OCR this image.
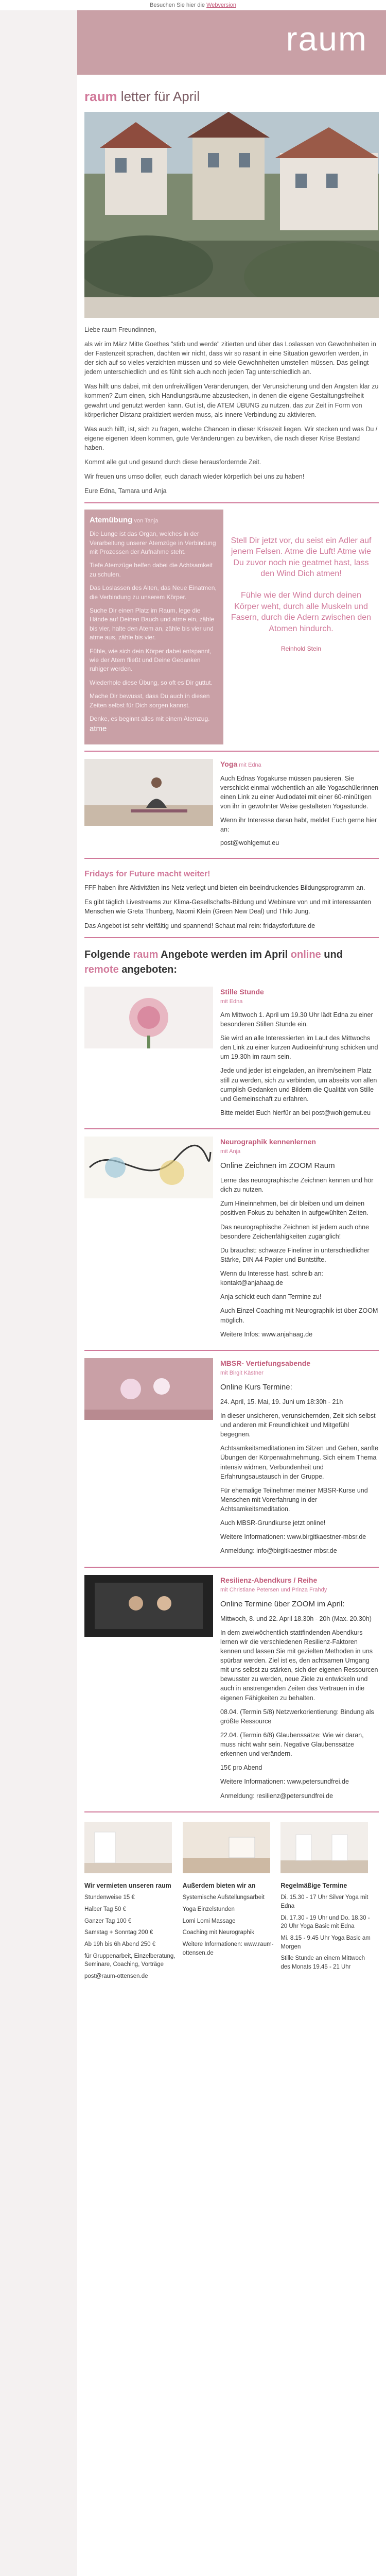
Besuchen Sie hier die Webversion
raum
raum letter für April

Liebe raum Freundinnen,

als wir im März Mitte Goethes "stirb und werde" zitierten und über das Loslassen von Gewohnheiten in der Fastenzeit sprachen, dachten wir nicht, dass wir so rasant in eine Situation geworfen werden, in der sich auf so vieles verzichten müssen und so viele Gewohnheiten umstellen müssen. Das gelingt jedem unterschiedlich und es fühlt sich auch noch jeden Tag unterschiedlich an.

Was hilft uns dabei, mit den unfreiwilligen Veränderungen, der Verunsicherung und den Ängsten klar zu kommen? Zum einen, sich Handlungsräume abzustecken, in denen die eigene Gestaltungsfreiheit gewahrt und genutzt werden kann. Gut ist, die ATEM ÜBUNG zu nutzen, das zur Zeit in Form von körperlicher Distanz praktiziert werden muss, als innere Verbindung zu aktivieren.

Was auch hilft, ist, sich zu fragen, welche Chancen in dieser Krisezeit liegen. Wir stecken und was Du / eigene eigenen Ideen kommen, gute Veränderungen zu bewirken, die nach dieser Krise Bestand haben.

Kommt alle gut und gesund durch diese herausfordernde Zeit.

Wir freuen uns umso doller, euch danach wieder körperlich bei uns zu haben!

Eure Edna, Tamara und Anja

Atemübung von Tanja

Die Lunge ist das Organ, welches in der Verarbeitung unserer Atemzüge in Verbindung mit Prozessen der Aufnahme steht.

Tiefe Atemzüge helfen dabei die Achtsamkeit zu schulen.

Das Loslassen des Alten, das Neue Einatmen, die Verbindung zu unserem Körper.

Suche Dir einen Platz im Raum, lege die Hände auf Deinen Bauch und atme ein, zähle bis vier, halte den Atem an, zähle bis vier und atme aus, zähle bis vier.

Fühle, wie sich dein Körper dabei entspannt, wie der Atem fließt und Deine Gedanken ruhiger werden.

Wiederhole diese Übung, so oft es Dir guttut.

Mache Dir bewusst, dass Du auch in diesen Zeiten selbst für Dich sorgen kannst.

Denke, es beginnt alles mit einem Atemzug. atme

Stell Dir jetzt vor, du seist ein Adler auf jenem Felsen. Atme die Luft! Atme wie Du zuvor noch nie geatmet hast, lass den Wind Dich atmen!

Fühle wie der Wind durch deinen Körper weht, durch alle Muskeln und Fasern, durch die Adern zwischen den Atomen hindurch.

Reinhold Stein

Yoga mit Edna

Auch Ednas Yogakurse müssen pausieren. Sie verschickt einmal wöchentlich an alle Yogaschülerinnen einen Link zu einer Audiodatei mit einer 60-minütigen von ihr in gewohnter Weise gestalteten Yogastunde.

Wenn ihr Interesse daran habt, meldet Euch gerne hier an:

post@wohlgemut.eu

Fridays for Future macht weiter!

FFF haben ihre Aktivitäten ins Netz verlegt und bieten ein beeindruckendes Bildungsprogramm an.

Es gibt täglich Livestreams zur Klima-Gesellschafts-Bildung und Webinare von und mit interessanten Menschen wie Greta Thunberg, Naomi Klein (Green New Deal) und Thilo Jung.

Das Angebot ist sehr vielfältig und spannend! Schaut mal rein: fridaysforfuture.de

Folgende raum Angebote werden im April online und remote angeboten:
Stille Stunde
mit Edna

Am Mittwoch 1. April um 19.30 Uhr lädt Edna zu einer besonderen Stillen Stunde ein.

Sie wird an alle Interessierten im Laut des Mittwochs den Link zu einer kurzen Audioeinführung schicken und um 19.30h im raum sein.

Jede und jeder ist eingeladen, an ihrem/seinem Platz still zu werden, sich zu verbinden, um abseits von allen cumplish Gedanken und Bildern die Qualität von Stille und Gemeinschaft zu erfahren.

Bitte meldet Euch hierfür an bei post@wohlgemut.eu

Neurographik kennenlernen
mit Anja
Online Zeichnen im ZOOM Raum

Lerne das neurographische Zeichnen kennen und hör dich zu nutzen.

Zum Hineinnehmen, bei dir bleiben und um deinen positiven Fokus zu behalten in aufgewühlten Zeiten.

Das neurographische Zeichnen ist jedem auch ohne besondere Zeichenfähigkeiten zugänglich!

Du brauchst: schwarze Fineliner in unterschiedlicher Stärke, DIN A4 Papier und Buntstifte.

Wenn du Interesse hast, schreib an: kontakt@anjahaag.de

Anja schickt euch dann Termine zu!

Auch Einzel Coaching mit Neurographik ist über ZOOM möglich.

Weitere Infos: www.anjahaag.de

MBSR- Vertiefungsabende
mit Birgit Kästner
Online Kurs Termine:

24. April, 15. Mai, 19. Juni um 18:30h - 21h

In dieser unsicheren, verunsichernden, Zeit sich selbst und anderen mit Freundlichkeit und Mitgefühl begegnen.

Achtsamkeitsmeditationen im Sitzen und Gehen, sanfte Übungen der Körperwahrnehmung. Sich einem Thema intensiv widmen, Verbundenheit und Erfahrungsaustausch in der Gruppe.

Für ehemalige Teilnehmer meiner MBSR-Kurse und Menschen mit Vorerfahrung in der Achtsamkeitsmeditation.

Auch MBSR-Grundkurse jetzt online!

Weitere Informationen: www.birgitkaestner-mbsr.de

Anmeldung: info@birgitkaestner-mbsr.de

Resilienz-Abendkurs / Reihe
mit Christiane Petersen und Prinza Frahdy
Online Termine über ZOOM im April:

Mittwoch, 8. und 22. April 18.30h - 20h (Max. 20.30h)

In dem zweiwöchentlich stattfindenden Abendkurs lernen wir die verschiedenen Resilienz-Faktoren kennen und lassen Sie mit gezielten Methoden in uns spürbar werden. Ziel ist es, den achtsamen Umgang mit uns selbst zu stärken, sich der eigenen Ressourcen bewusster zu werden, neue Ziele zu entwickeln und auch in anstrengenden Zeiten das Vertrauen in die eigenen Fähigkeiten zu behalten.

08.04. (Termin 5/8) Netzwerkorientierung: Bindung als größte Ressource

22.04. (Termin 6/8) Glaubenssätze: Wie wir daran, muss nicht wahr sein. Negative Glaubenssätze erkennen und verändern.

15€ pro Abend

Weitere Informationen: www.petersundfrei.de

Anmeldung: resilienz@petersundfrei.de

Wir vermieten unseren raum

Stundenweise 15 €

Halber Tag 50 €

Ganzer Tag 100 €

Samstag + Sonntag 200 €

Ab 19h bis 6h Abend 250 €

für Gruppenarbeit, Einzelberatung, Seminare, Coaching, Vorträge

post@raum-ottensen.de

Außerdem bieten wir an

Systemische Aufstellungsarbeit

Yoga Einzelstunden

Lomi Lomi Massage

Coaching mit Neurographik

Weitere Informationen: www.raum-ottensen.de

Regelmäßige Termine

Di. 15.30 - 17 Uhr Silver Yoga mit Edna

Di. 17.30 - 19 Uhr und Do. 18.30 - 20 Uhr Yoga Basic mit Edna

Mi. 8.15 - 9.45 Uhr Yoga Basic am Morgen

Stille Stunde an einem Mittwoch des Monats 19.45 - 21 Uhr
